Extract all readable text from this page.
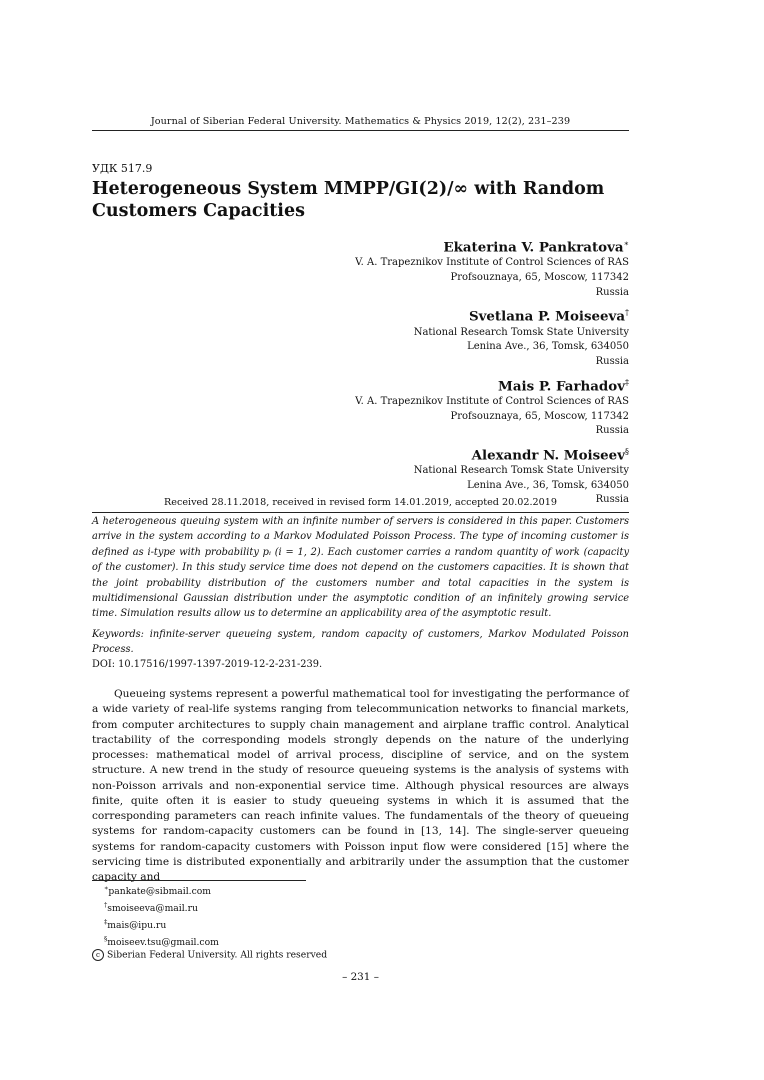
Journal of Siberian Federal University. Mathematics & Physics 2019, 12(2), 231–239
УДК 517.9
Heterogeneous System MMPP/GI(2)/∞ with Random Customers Capacities
Ekaterina V. Pankratova∗
V. A. Trapeznikov Institute of Control Sciences of RAS
Profsouznaya, 65, Moscow, 117342
Russia
Svetlana P. Moiseeva†
National Research Tomsk State University
Lenina Ave., 36, Tomsk, 634050
Russia
Mais P. Farhadov‡
V. A. Trapeznikov Institute of Control Sciences of RAS
Profsouznaya, 65, Moscow, 117342
Russia
Alexandr N. Moiseev§
National Research Tomsk State University
Lenina Ave., 36, Tomsk, 634050
Russia
Received 28.11.2018, received in revised form 14.01.2019, accepted 20.02.2019

A heterogeneous queuing system with an infinite number of servers is considered in this paper. Customers arrive in the system according to a Markov Modulated Poisson Process. The type of incoming customer is defined as i-type with probability pᵢ (i = 1, 2). Each customer carries a random quantity of work (capacity of the customer). In this study service time does not depend on the customers capacities. It is shown that the joint probability distribution of the customers number and total capacities in the system is multidimensional Gaussian distribution under the asymptotic condition of an infinitely growing service time. Simulation results allow us to determine an applicability area of the asymptotic result.

Keywords: infinite-server queueing system, random capacity of customers, Markov Modulated Poisson Process.

DOI: 10.17516/1997-1397-2019-12-2-231-239.

Queueing systems represent a powerful mathematical tool for investigating the performance of a wide variety of real-life systems ranging from telecommunication networks to financial markets, from computer architectures to supply chain management and airplane traffic control. Analytical tractability of the corresponding models strongly depends on the nature of the underlying processes: mathematical model of arrival process, discipline of service, and on the system structure. A new trend in the study of resource queueing systems is the analysis of systems with non-Poisson arrivals and non-exponential service time. Although physical resources are always finite, quite often it is easier to study queueing systems in which it is assumed that the corresponding parameters can reach infinite values. The fundamentals of the theory of queueing systems for random-capacity customers can be found in [13, 14]. The single-server queueing systems for random-capacity customers with Poisson input flow were considered [15] where the servicing time is distributed exponentially and arbitrarily under the assumption that the customer capacity and

∗pankate@sibmail.com
†smoiseeva@mail.ru
‡mais@ipu.ru
§moiseev.tsu@gmail.com
c Siberian Federal University. All rights reserved
– 231 –
